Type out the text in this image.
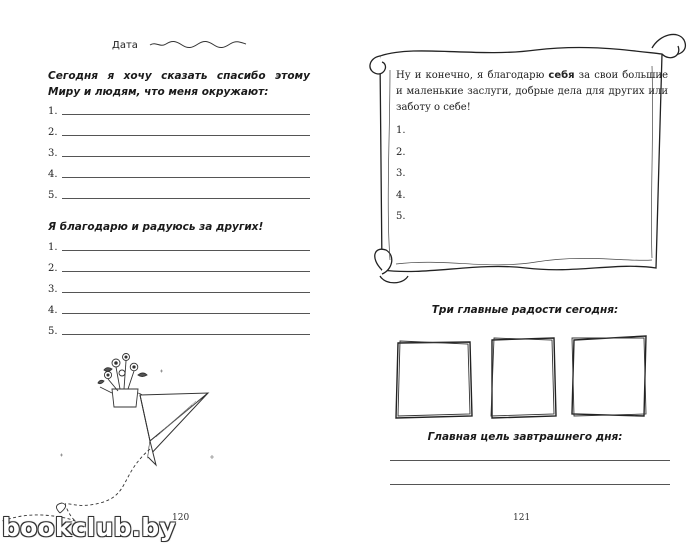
Дата
Сегодня я хочу сказать спасибо этому Миру и людям, что меня окружают:
1.
2.
3.
4.
5.
Я благодарю и радуюсь за других!
1.
2.
3.
4.
5.
120
bookclub.by
Ну и конечно, я благодарю себя за свои большие и маленькие заслуги, добрые дела для других или заботу о себе!
1.
2.
3.
4.
5.
Три главные радости сегодня:
Главная цель завтрашнего дня:
121
